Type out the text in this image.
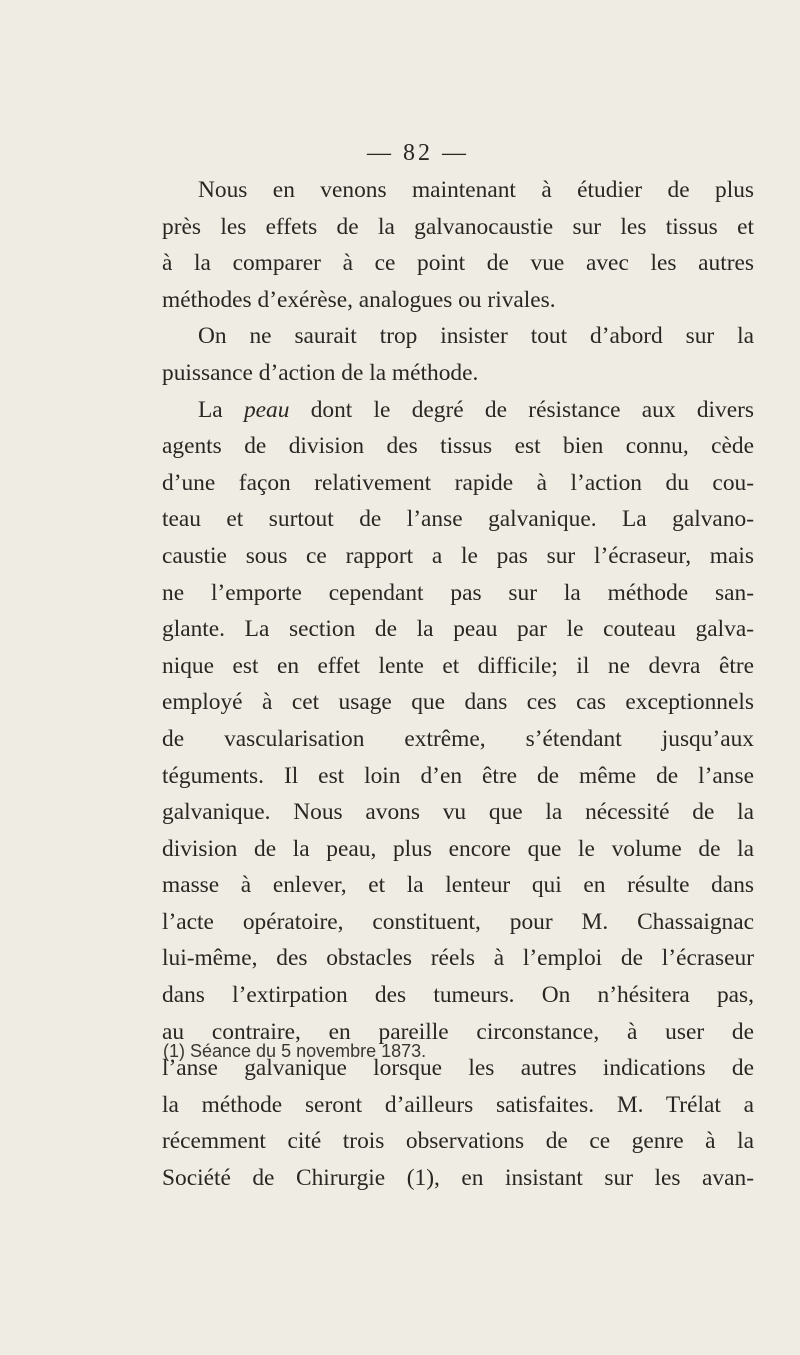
— 82 —
Nous en venons maintenant à étudier de plus
près les effets de la galvanocaustie sur les tissus et
à la comparer à ce point de vue avec les autres
méthodes d’exérèse, analogues ou rivales.
On ne saurait trop insister tout d’abord sur la
puissance d’action de la méthode.
La peau dont le degré de résistance aux divers
agents de division des tissus est bien connu, cède
d’une façon relativement rapide à l’action du cou-
teau et surtout de l’anse galvanique. La galvano-
caustie sous ce rapport a le pas sur l’écraseur, mais
ne l’emporte cependant pas sur la méthode san-
glante. La section de la peau par le couteau galva-
nique est en effet lente et difficile; il ne devra être
employé à cet usage que dans ces cas exceptionnels
de vascularisation extrême, s’étendant jusqu’aux
téguments. Il est loin d’en être de même de l’anse
galvanique. Nous avons vu que la nécessité de la
division de la peau, plus encore que le volume de la
masse à enlever, et la lenteur qui en résulte dans
l’acte opératoire, constituent, pour M. Chassaignac
lui-même, des obstacles réels à l’emploi de l’écraseur
dans l’extirpation des tumeurs. On n’hésitera pas,
au contraire, en pareille circonstance, à user de
l’anse galvanique lorsque les autres indications de
la méthode seront d’ailleurs satisfaites. M. Trélat a
récemment cité trois observations de ce genre à la
Société de Chirurgie (1), en insistant sur les avan-
(1) Séance du 5 novembre 1873.
